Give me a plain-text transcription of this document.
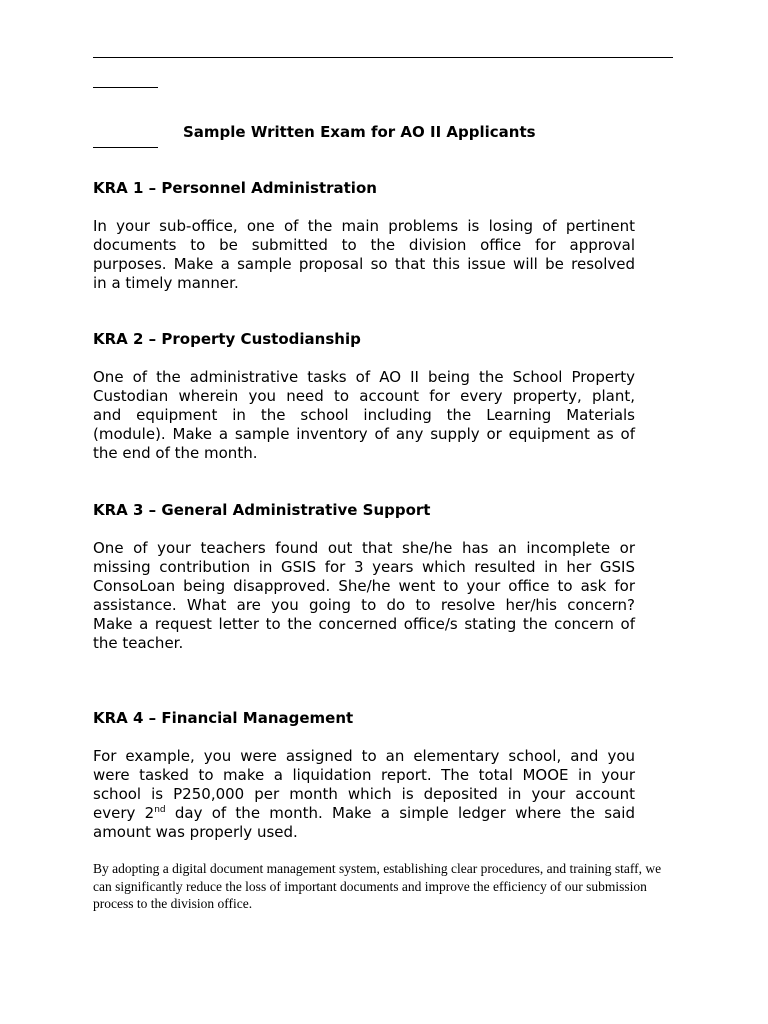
Sample Written Exam for AO II Applicants
KRA 1 – Personnel Administration
In your sub-office, one of the main problems is losing of pertinent
documents to be submitted to the division office for approval
purposes. Make a sample proposal so that this issue will be resolved
in a timely manner.
KRA 2 – Property Custodianship
One of the administrative tasks of AO II being the School Property
Custodian wherein you need to account for every property, plant,
and equipment in the school including the Learning Materials
(module). Make a sample inventory of any supply or equipment as of
the end of the month.
KRA 3 – General Administrative Support
One of your teachers found out that she/he has an incomplete or
missing contribution in GSIS for 3 years which resulted in her GSIS
ConsoLoan being disapproved. She/he went to your office to ask for
assistance. What are you going to do to resolve her/his concern?
Make a request letter to the concerned office/s stating the concern of
the teacher.
KRA 4 – Financial Management
For example, you were assigned to an elementary school, and you
were tasked to make a liquidation report. The total MOOE in your
school is P250,000 per month which is deposited in your account
every 2nd day of the month. Make a simple ledger where the said
amount was properly used.
By adopting a digital document management system, establishing clear procedures, and training staff, we can significantly reduce the loss of important documents and improve the efficiency of our submission process to the division office.
